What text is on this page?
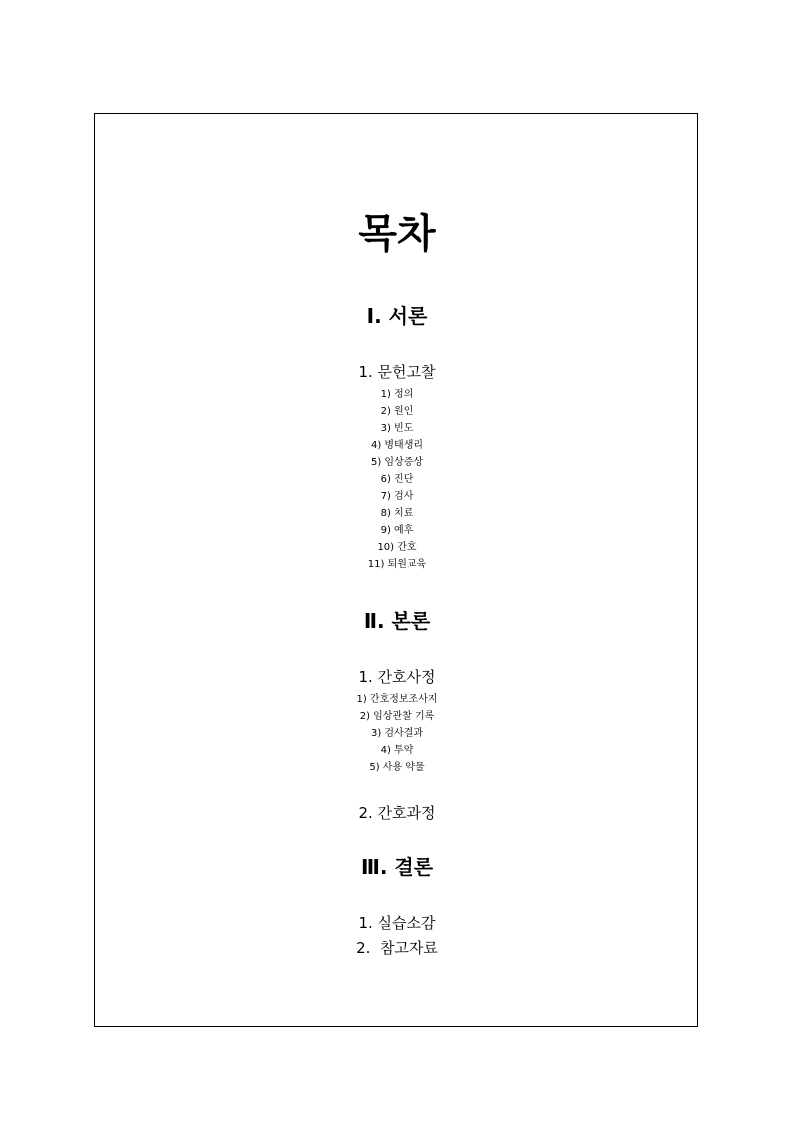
목차
Ⅰ. 서론
1. 문헌고찰
1) 정의
2) 원인
3) 빈도
4) 병태생리
5) 임상증상
6) 진단
7) 검사
8) 치료
9) 예후
10) 간호
11) 퇴원교육
Ⅱ. 본론
1. 간호사정
1) 간호정보조사지
2) 임상관찰 기록
3) 검사결과
4) 투약
5) 사용 약물
2. 간호과정
Ⅲ. 결론
1. 실습소감
2.  참고자료
